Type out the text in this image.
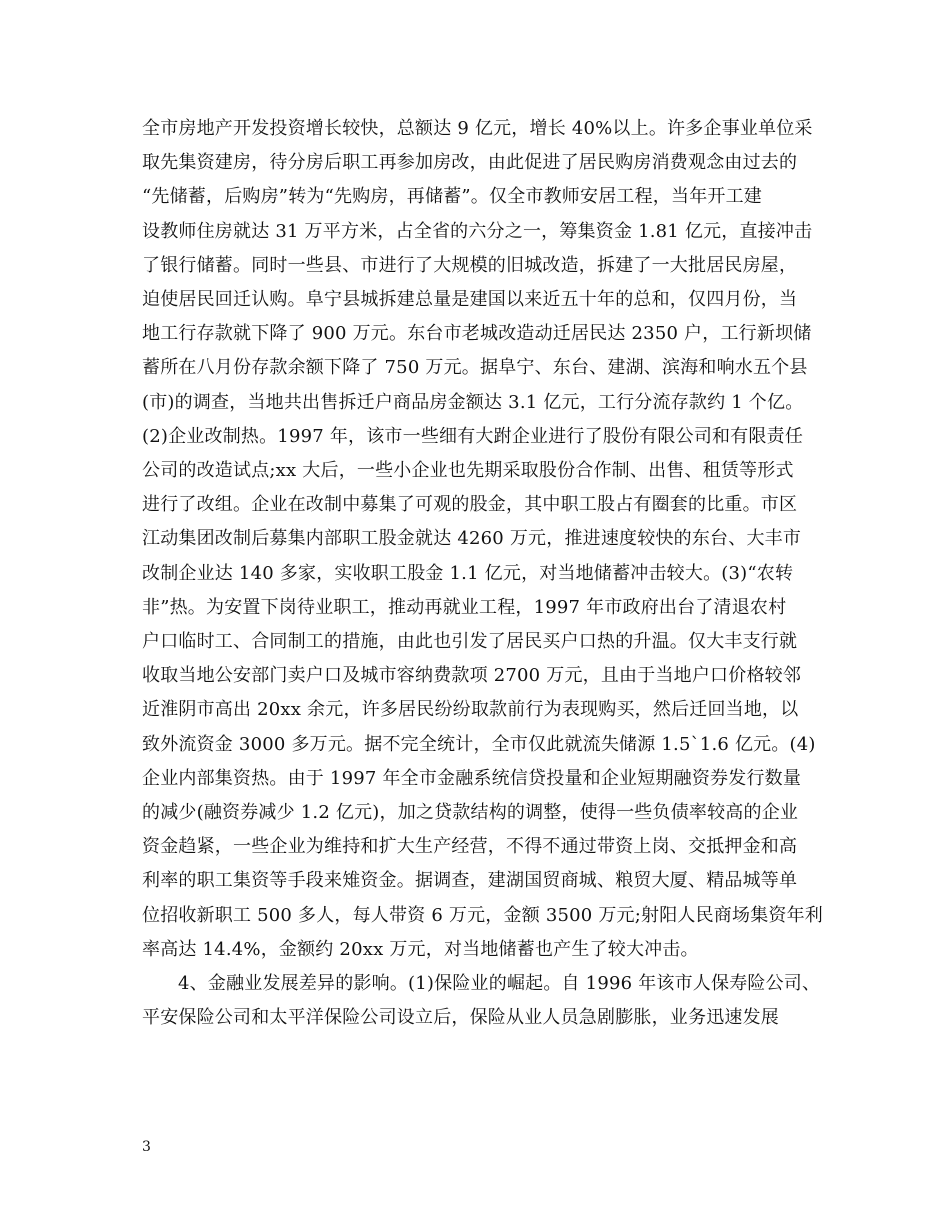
全市房地产开发投资增长较快，总额达 9 亿元，增长 40%以上。许多企事业单位采
取先集资建房，待分房后职工再参加房改，由此促进了居民购房消费观念由过去的
“先储蓄，后购房”转为“先购房，再储蓄”。仅全市教师安居工程，当年开工建
设教师住房就达 31 万平方米，占全省的六分之一，筹集资金 1.81 亿元，直接冲击
了银行储蓄。同时一些县、市进行了大规模的旧城改造，拆建了一大批居民房屋，
迫使居民回迁认购。阜宁县城拆建总量是建国以来近五十年的总和，仅四月份，当
地工行存款就下降了 900 万元。东台市老城改造动迁居民达 2350 户，工行新坝储
蓄所在八月份存款余额下降了 750 万元。据阜宁、东台、建湖、滨海和响水五个县
(市)的调查，当地共出售拆迁户商品房金额达 3.1 亿元，工行分流存款约 1 个亿。
(2)企业改制热。1997 年，该市一些细有大跗企业进行了股份有限公司和有限责任
公司的改造试点;xx 大后，一些小企业也先期采取股份合作制、出售、租赁等形式
进行了改组。企业在改制中募集了可观的股金，其中职工股占有圈套的比重。市区
江动集团改制后募集内部职工股金就达 4260 万元，推进速度较快的东台、大丰市
改制企业达 140 多家，实收职工股金 1.1 亿元，对当地储蓄冲击较大。(3)“农转
非”热。为安置下岗待业职工，推动再就业工程，1997 年市政府出台了清退农村
户口临时工、合同制工的措施，由此也引发了居民买户口热的升温。仅大丰支行就
收取当地公安部门卖户口及城市容纳费款项 2700 万元，且由于当地户口价格较邻
近淮阴市高出 20xx 余元，许多居民纷纷取款前行为表现购买，然后迁回当地，以
致外流资金 3000 多万元。据不完全统计，全市仅此就流失储源 1.5`1.6 亿元。(4)
企业内部集资热。由于 1997 年全市金融系统信贷投量和企业短期融资券发行数量
的减少(融资券减少 1.2 亿元)，加之贷款结构的调整，使得一些负债率较高的企业
资金趋紧，一些企业为维持和扩大生产经营，不得不通过带资上岗、交抵押金和高
利率的职工集资等手段来雉资金。据调查，建湖国贸商城、粮贸大厦、精品城等单
位招收新职工 500 多人，每人带资 6 万元，金额 3500 万元;射阳人民商场集资年利
率高达 14.4%，金额约 20xx 万元，对当地储蓄也产生了较大冲击。
4、金融业发展差异的影响。(1)保险业的崛起。自 1996 年该市人保寿险公司、
平安保险公司和太平洋保险公司设立后，保险从业人员急剧膨胀，业务迅速发展
3
